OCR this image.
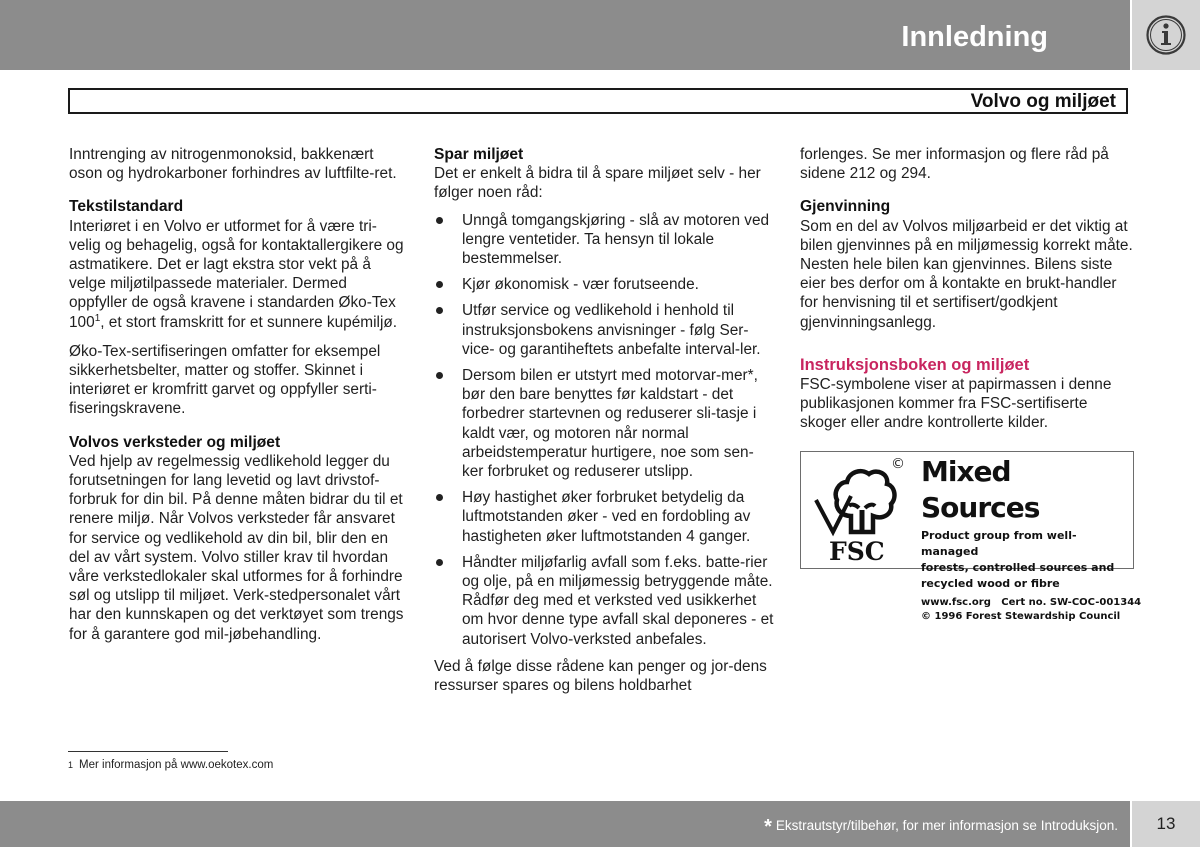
Innledning
Volvo og miljøet

Inntrenging av nitrogenmonoksid, bakkenært oson og hydrokarboner forhindres av luftfilte-ret.

Tekstilstandard

Interiøret i en Volvo er utformet for å være tri-velig og behagelig, også for kontaktallergikere og astmatikere. Det er lagt ekstra stor vekt på å velge miljøtilpassede materialer. Dermed oppfyller de også kravene i standarden Øko-Tex $100^1$, et stort framskritt for et sunnere kupémiljø.

Øko-Tex-sertifiseringen omfatter for eksempel sikkerhetsbelter, matter og stoffer. Skinnet i interiøret er kromfritt garvet og oppfyller serti-fiseringskravene.

Volvos verksteder og miljøet

Ved hjelp av regelmessig vedlikehold legger du forutsetningen for lang levetid og lavt drivstof-forbruk for din bil. På denne måten bidrar du til et renere miljø. Når Volvos verksteder får ansvaret for service og vedlikehold av din bil, blir den en del av vårt system. Volvo stiller krav til hvordan våre verkstedlokaler skal utformes for å forhindre søl og utslipp til miljøet. Verk-stedpersonalet vårt har den kunnskapen og det verktøyet som trengs for å garantere god mil-jøbehandling.

Spar miljøet

Det er enkelt å bidra til å spare miljøet selv - her følger noen råd:

Unngå tomgangskjøring - slå av motoren ved lengre ventetider. Ta hensyn til lokale bestemmelser.
Kjør økonomisk - vær forutseende.
Utfør service og vedlikehold i henhold til instruksjonsbokens anvisninger - følg Ser-vice- og garantiheftets anbefalte interval-ler.
Dersom bilen er utstyrt med motorvar-mer*, bør den bare benyttes før kaldstart - det forbedrer startevnen og reduserer sli-tasje i kaldt vær, og motoren når normal arbeidstemperatur hurtigere, noe som sen-ker forbruket og reduserer utslipp.
Høy hastighet øker forbruket betydelig da luftmotstanden øker - ved en fordobling av hastigheten øker luftmotstanden 4 ganger.
Håndter miljøfarlig avfall som f.eks. batte-rier og olje, på en miljømessig betryggende måte. Rådfør deg med et verksted ved usikkerhet om hvor denne type avfall skal deponeres - et autorisert Volvo-verksted anbefales.

Ved å følge disse rådene kan penger og jor-dens ressurser spares og bilens holdbarhet

forlenges. Se mer informasjon og flere råd på sidene 212 og 294.

Gjenvinning

Som en del av Volvos miljøarbeid er det viktig at bilen gjenvinnes på en miljømessig korrekt måte. Nesten hele bilen kan gjenvinnes. Bilens siste eier bes derfor om å kontakte en brukt-handler for henvisning til et sertifisert/godkjent gjenvinningsanlegg.

Instruksjonsboken og miljøet

FSC-symbolene viser at papirmassen i denne publikasjonen kommer fra FSC-sertifiserte skoger eller andre kontrollerte kilder.

FSC
© Mixed Sources
Product group from well-managed
forests, controlled sources and
recycled wood or fibre
www.fsc.org   Cert no. SW-COC-001344
© 1996 Forest Stewardship Council
$^1$ Mer informasjon på www.oekotex.com
* Ekstrautstyr/tilbehør, for mer informasjon se Introduksjon.	13
